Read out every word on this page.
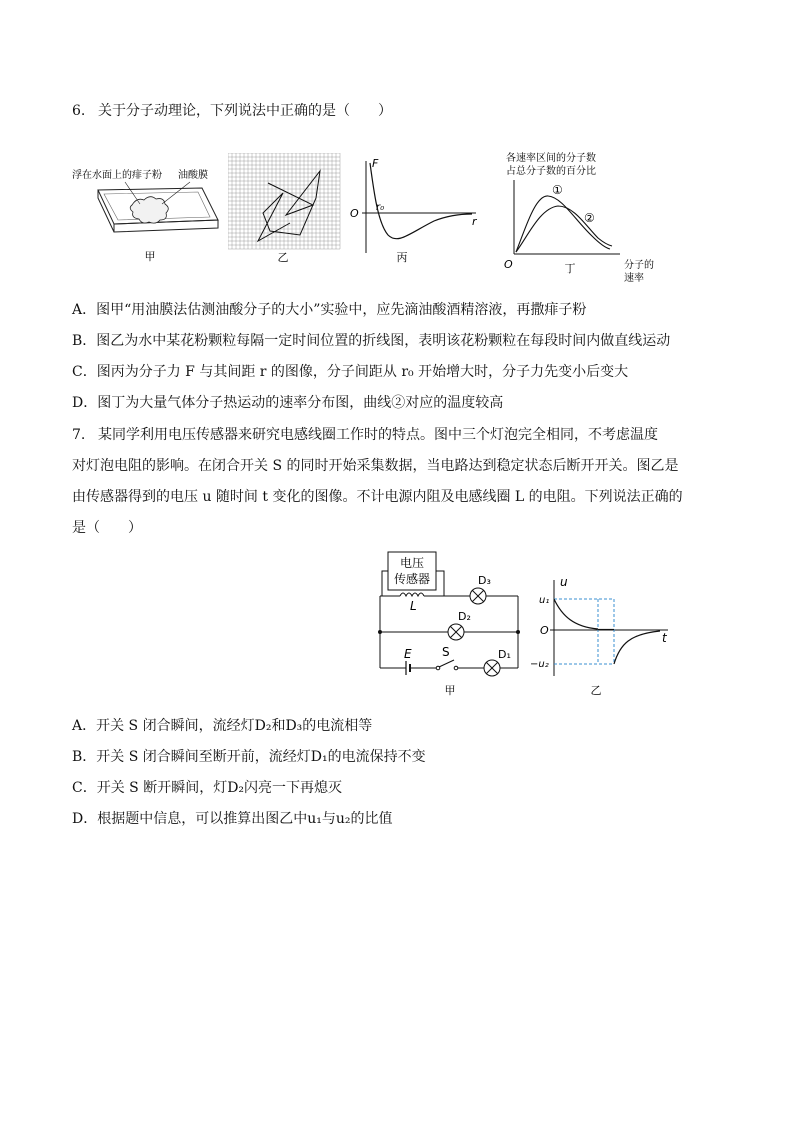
6. 关于分子动理论，下列说法中正确的是（　　）
浮在水面上的痱子粉 油酸膜
甲	乙
F
r
O r₀
丙
各速率区间的分子数
占总分子数的百分比
①
②
O	分子的
速率
丁
A．图甲“用油膜法估测油酸分子的大小”实验中，应先滴油酸酒精溶液，再撒痱子粉
B．图乙为水中某花粉颗粒每隔一定时间位置的折线图，表明该花粉颗粒在每段时间内做直线运动
C．图丙为分子力 F 与其间距 r 的图像，分子间距从 r₀ 开始增大时，分子力先变小后变大
D．图丁为大量气体分子热运动的速率分布图，曲线②对应的温度较高
7. 某同学利用电压传感器来研究电感线圈工作时的特点。图中三个灯泡完全相同，不考虑温度
对灯泡电阻的影响。在闭合开关 S 的同时开始采集数据，当电路达到稳定状态后断开开关。图乙是
由传感器得到的电压 u 随时间 t 变化的图像。不计电源内阻及电感线圈 L 的电阻。下列说法正确的
是（　　）
电压
传感器
L
D₃
D₂
E	S	D₁
甲
u
t
O
u₁
−u₂
乙
A．开关 S 闭合瞬间，流经灯D₂和D₃的电流相等
B．开关 S 闭合瞬间至断开前，流经灯D₁的电流保持不变
C．开关 S 断开瞬间，灯D₂闪亮一下再熄灭
D．根据题中信息，可以推算出图乙中u₁与u₂的比值
